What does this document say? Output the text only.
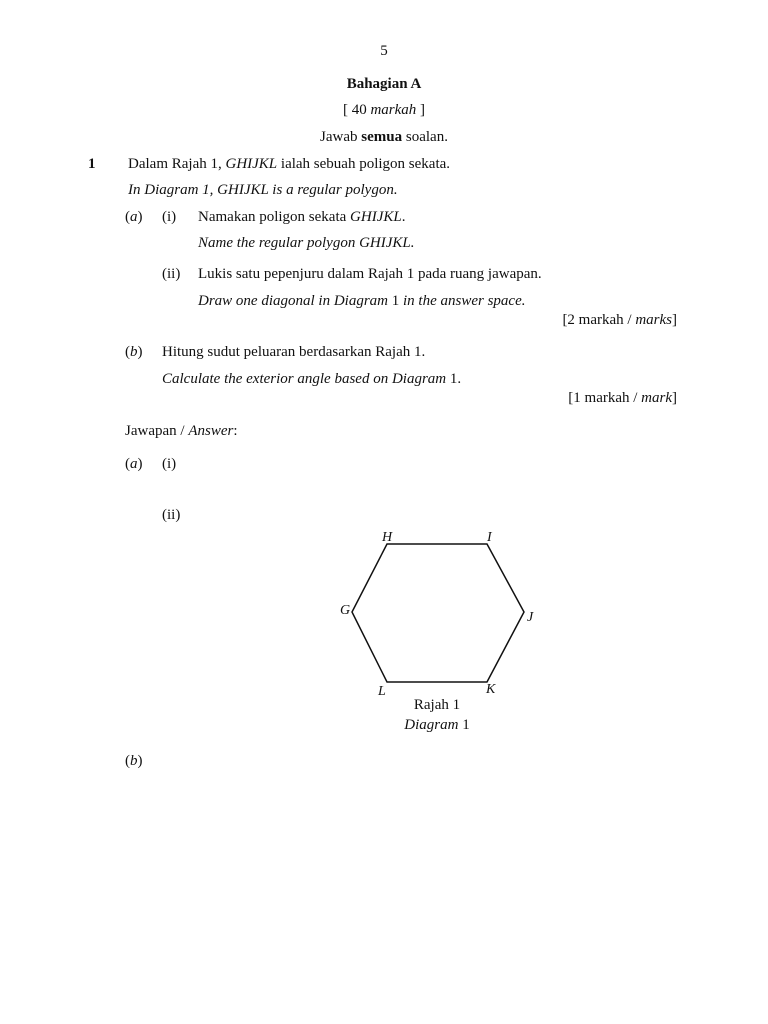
5
Bahagian A
[ 40 markah ]
Jawab semua soalan.
1 Dalam Rajah 1, GHIJKL ialah sebuah poligon sekata.
In Diagram 1, GHIJKL is a regular polygon.
(a) (i) Namakan poligon sekata GHIJKL.
Name the regular polygon GHIJKL.
(ii) Lukis satu pepenjuru dalam Rajah 1 pada ruang jawapan.
Draw one diagonal in Diagram 1 in the answer space.
[2 markah / marks]
(b) Hitung sudut peluaran berdasarkan Rajah 1.
Calculate the exterior angle based on Diagram 1.
[1 markah / mark]
Jawapan / Answer:
(a) (i)
(ii)
H	I
J
K
L
G
Rajah 1
Diagram 1
(b)
